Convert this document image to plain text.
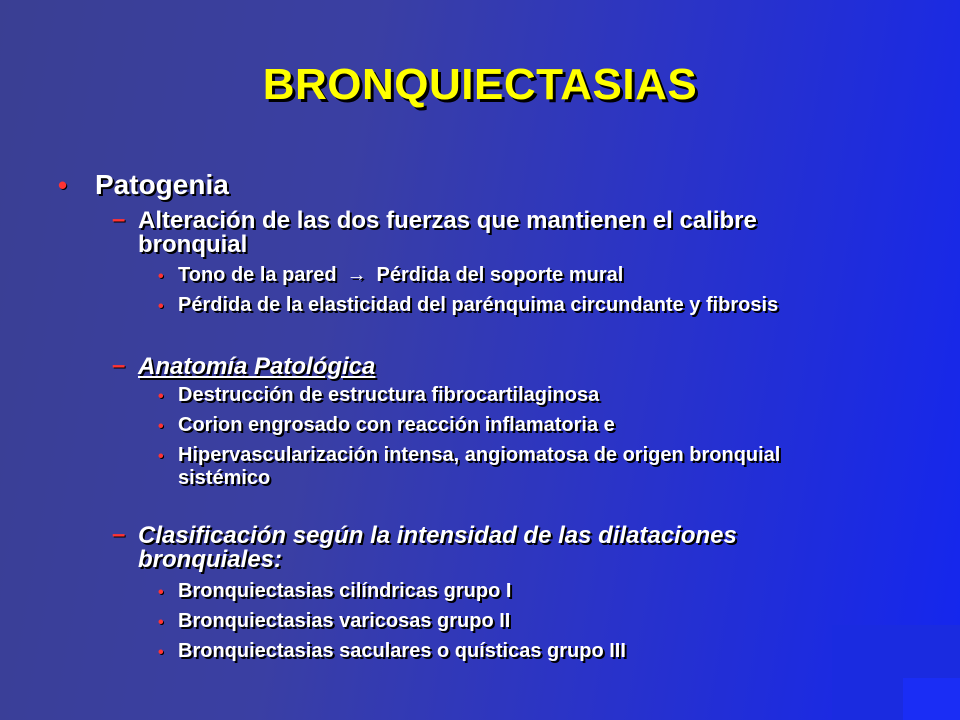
BRONQUIECTASIAS
• Patogenia
– Alteración de las dos fuerzas que mantienen el calibre
bronquial
• Tono de la pared → Pérdida del soporte mural
• Pérdida de la elasticidad del parénquima circundante y fibrosis
– Anatomía Patológica
• Destrucción de estructura fibrocartilaginosa
• Corion engrosado con reacción inflamatoria e
• Hipervascularización intensa, angiomatosa de origen bronquial
sistémico
– Clasificación según la intensidad de las dilataciones
bronquiales:
• Bronquiectasias cilíndricas grupo I
• Bronquiectasias varicosas grupo II
• Bronquiectasias saculares o quísticas grupo III
